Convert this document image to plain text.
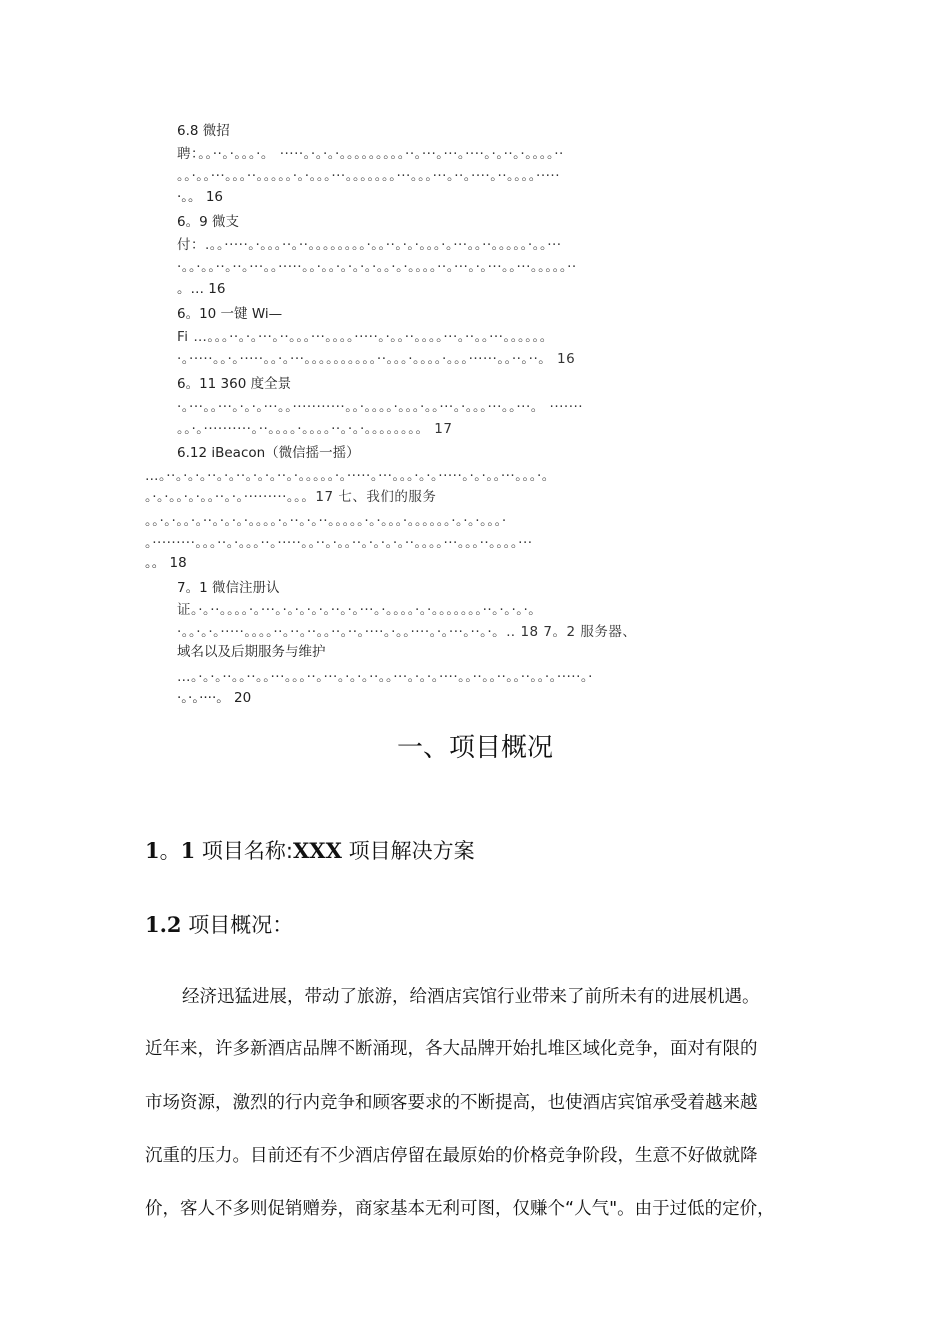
6.8 微招
聘：。。··。·。。。·。 ·····。·。·。·。。。。。。。。。··。···。···。····。·。··。·。。。。··
。。·。。···。。。··。。。。。·。·。。。···。。。。。。。···。。。···。··。····。··。。。。·····
·。。 16
6。9 微支
付：.。。·····。·。。。··。··。。。。。。。。·。。··。·。·。。。·。···。。··。。。。。·。。···
·。。·。。··。··。···。。·····。。·。。·。·。·。·。。·。·。。。。··。···。·。···。。···。。。。。··
。… 16
6。10 一键 Wi—
Fi …。。。··。·。···。··。。。···。。。。·····。·。。··。。。。···。··。。···。。。。。。
·。·····。。·。·····。。·。···。。。。。。。。。。··。。。·。。。。·。。。······。。··。··。 16
6。11 360 度全景
·。···。。···。·。·。···。。···········。。·。。。。·。。。·。。···。·。。。···。。···。 ·······
。。·。··········。··。。。。·。。。。··。·。·。。。。。。。。 17
6.12 iBeacon（微信摇一摇）
…。··。·。·。··。·。··。·。·。··。·。。。。。·。·····。···。。。·。·。·····。·。·。。···。。。·。
。·。·。。·。·。。··。·。·········。。。17 七、我们的服务
。。·。·。。·。··。·。·。·。。。。·。··。·。··。。。。。·。·。。。·。。。。。。·。·。·。。。·
。·········。。。··。·。。。··。·····。。··。·。。··。·。·。·。··。。。。···。。。··。。。。···
。。 18
7。1 微信注册认
证。·。··。。。。·。···。·。·。·。·。··。·。···。·。。。。·。·。。。。。。。··。·。·。·。
·。。·。·。·····。。。。··。··。··。。··。··。····。·。。····。·。···。··。·。‥ 18 7。2 服务器、
域名以及后期服务与维护
…。·。·。··。。··。。···。。。··。···。·。·。··。。···。·。·。····。。··。。··。。··。。·。·····。·
·。·。····。 20
一、项目概况
1。1 项目名称:XXX 项目解决方案
1.2 项目概况：

经济迅猛进展，带动了旅游，给酒店宾馆行业带来了前所未有的进展机遇。

近年来，许多新酒店品牌不断涌现，各大品牌开始扎堆区域化竞争，面对有限的

市场资源，激烈的行内竞争和顾客要求的不断提高，也使酒店宾馆承受着越来越

沉重的压力。目前还有不少酒店停留在最原始的价格竞争阶段，生意不好做就降

价，客人不多则促销赠券，商家基本无利可图，仅赚个“人气"。由于过低的定价，
